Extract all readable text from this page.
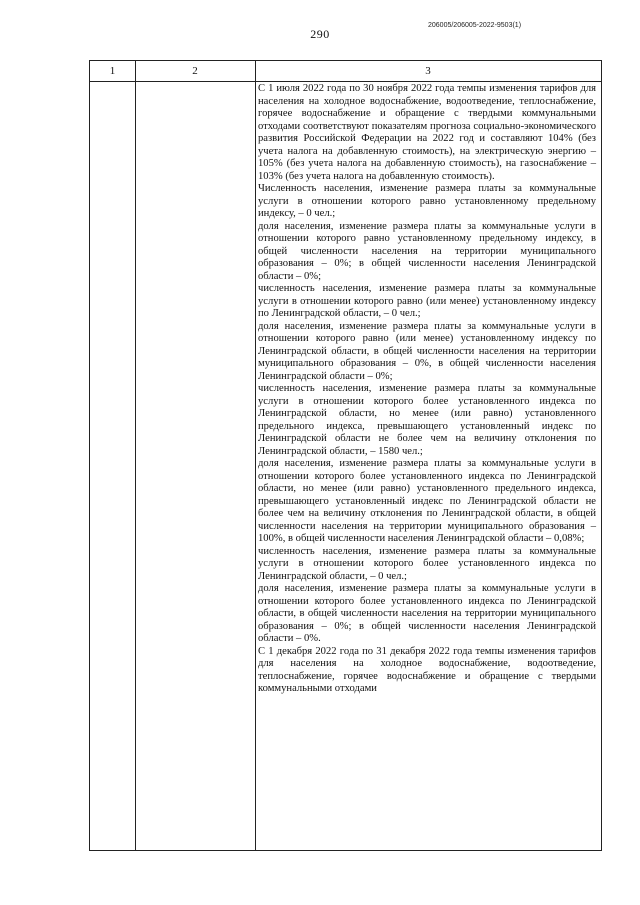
290
206005/206005-2022-9503(1)
1	2	3

С 1 июля 2022 года по 30 ноября 2022 года темпы изменения тарифов для населения на холодное водоснабжение, водоотведение, теплоснабжение, горячее водоснабжение и обращение с твердыми коммунальными отходами соответствуют показателям прогноза социально-экономического развития Российской Федерации на 2022 год и составляют 104% (без учета налога на добавленную стоимость), на электрическую энергию – 105% (без учета налога на добавленную стоимость), на газоснабжение – 103% (без учета налога на добавленную стоимость).

Численность населения, изменение размера платы за коммунальные услуги в отношении которого равно установленному предельному индексу, – 0 чел.;

доля населения, изменение размера платы за коммунальные услуги в отношении которого равно установленному предельному индексу, в общей численности населения на территории муниципального образования – 0%; в общей численности населения Ленинградской области – 0%;

численность населения, изменение размера платы за коммунальные услуги в отношении которого равно (или менее) установленному индексу по Ленинградской области, – 0 чел.;

доля населения, изменение размера платы за коммунальные услуги в отношении которого равно (или менее) установленному индексу по Ленинградской области, в общей численности населения на территории муниципального образования – 0%, в общей численности населения Ленинградской области – 0%;

численность населения, изменение размера платы за коммунальные услуги в отношении которого более установленного индекса по Ленинградской области, но менее (или равно) установленного предельного индекса, превышающего установленный индекс по Ленинградской области не более чем на величину отклонения по Ленинградской области, – 1580 чел.;

доля населения, изменение размера платы за коммунальные услуги в отношении которого более установленного индекса по Ленинградской области, но менее (или равно) установленного предельного индекса, превышающего установленный индекс по Ленинградской области не более чем на величину отклонения по Ленинградской области, в общей численности населения на территории муниципального образования – 100%, в общей численности населения Ленинградской области – 0,08%;

численность населения, изменение размера платы за коммунальные услуги в отношении которого более установленного индекса по Ленинградской области, – 0 чел.;

доля населения, изменение размера платы за коммунальные услуги в отношении которого более установленного индекса по Ленинградской области, в общей численности населения на территории муниципального образования – 0%; в общей численности населения Ленинградской области – 0%.

С 1 декабря 2022 года по 31 декабря 2022 года темпы изменения тарифов для населения на холодное водоснабжение, водоотведение, теплоснабжение, горячее водоснабжение и обращение с твердыми коммунальными отходами
